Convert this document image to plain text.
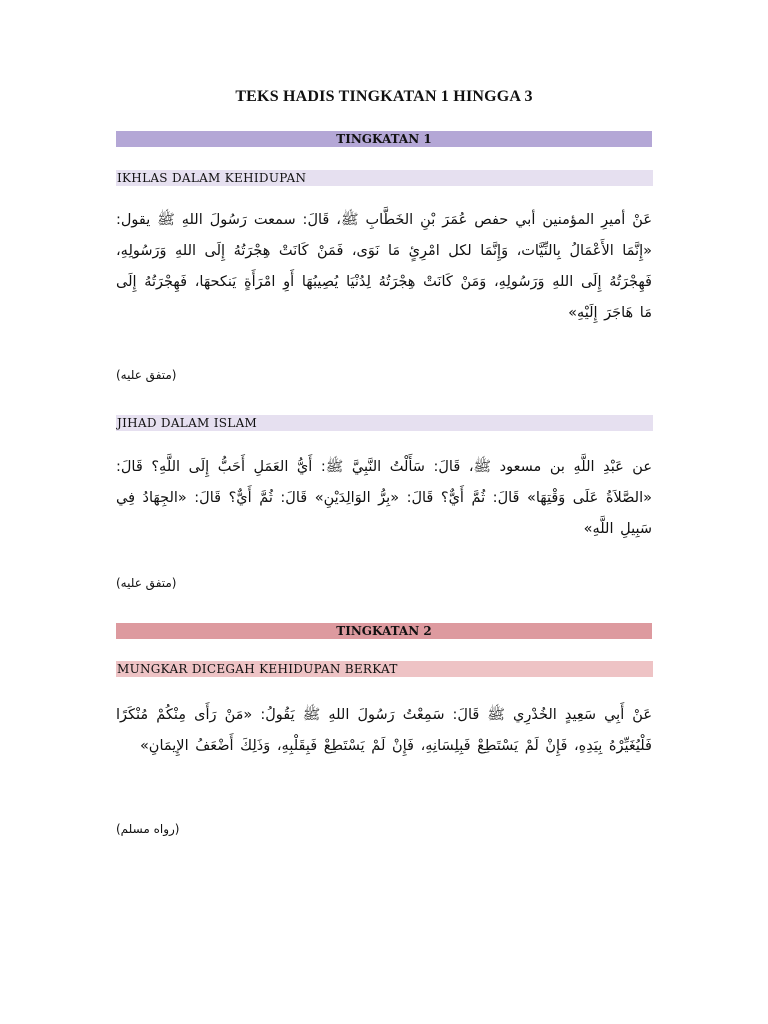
TEKS HADIS TINGKATAN 1 HINGGA 3
TINGKATAN 1
IKHLAS DALAM KEHIDUPAN
عَنْ أميرِ المؤمنين أبي حفص عُمَرَ بْنِ الخَطَّابِ ﷺ، قَالَ: سمعت رَسُولَ اللهِ ﷺ يقول: «إِنَّمَا الأَعْمَالُ بِالنِّيَّات، وَإِنَّمَا لكل امْرِئٍ مَا نَوَى، فَمَنْ كَانَتْ هِجْرَتُهُ إِلَى اللهِ وَرَسُولِهِ، فَهِجْرَتُهُ إِلَى اللهِ وَرَسُولِهِ، وَمَنْ كَانَتْ هِجْرَتُهُ لِدُنْيَا يُصِيبُهَا أَوِ امْرَأَةٍ يَنكحهَا، فَهِجْرَتُهُ إِلَى مَا هَاجَرَ إِلَيْهِ»
(متفق عليه)
JIHAD DALAM ISLAM
عن عَبْدِ اللَّهِ بن مسعود ﷺ، قَالَ: سَأَلْتُ النَّبِيَّ ﷺ: أَيُّ العَمَلِ أَحَبُّ إِلَى اللَّهِ؟ قَالَ: «الصَّلاَةُ عَلَى وَقْتِهَا» قَالَ: ثُمَّ أَيٌّ؟ قَالَ: «بِرُّ الوَالِدَيْنِ» قَالَ: ثُمَّ أَيٌّ؟ قَالَ: «الجِهَادُ فِي سَبِيلِ اللَّهِ»
(متفق عليه)
TINGKATAN 2
MUNGKAR DICEGAH KEHIDUPAN BERKAT
عَنْ أَبِي سَعِيدٍ الخُدْرِي ﷺ قَالَ: سَمِعْتُ رَسُولَ اللهِ ﷺ يَقُولُ: «مَنْ رَأَى مِنْكُمْ مُنْكَرًا فَلْيُغَيِّرْهُ بِيَدِهِ، فَإِنْ لَمْ يَسْتَطِعْ فَبِلِسَانِهِ، فَإِنْ لَمْ يَسْتَطِعْ فَبِقَلْبِهِ، وَذَلِكَ أَضْعَفُ الإِيمَانِ»
(رواه مسلم)
